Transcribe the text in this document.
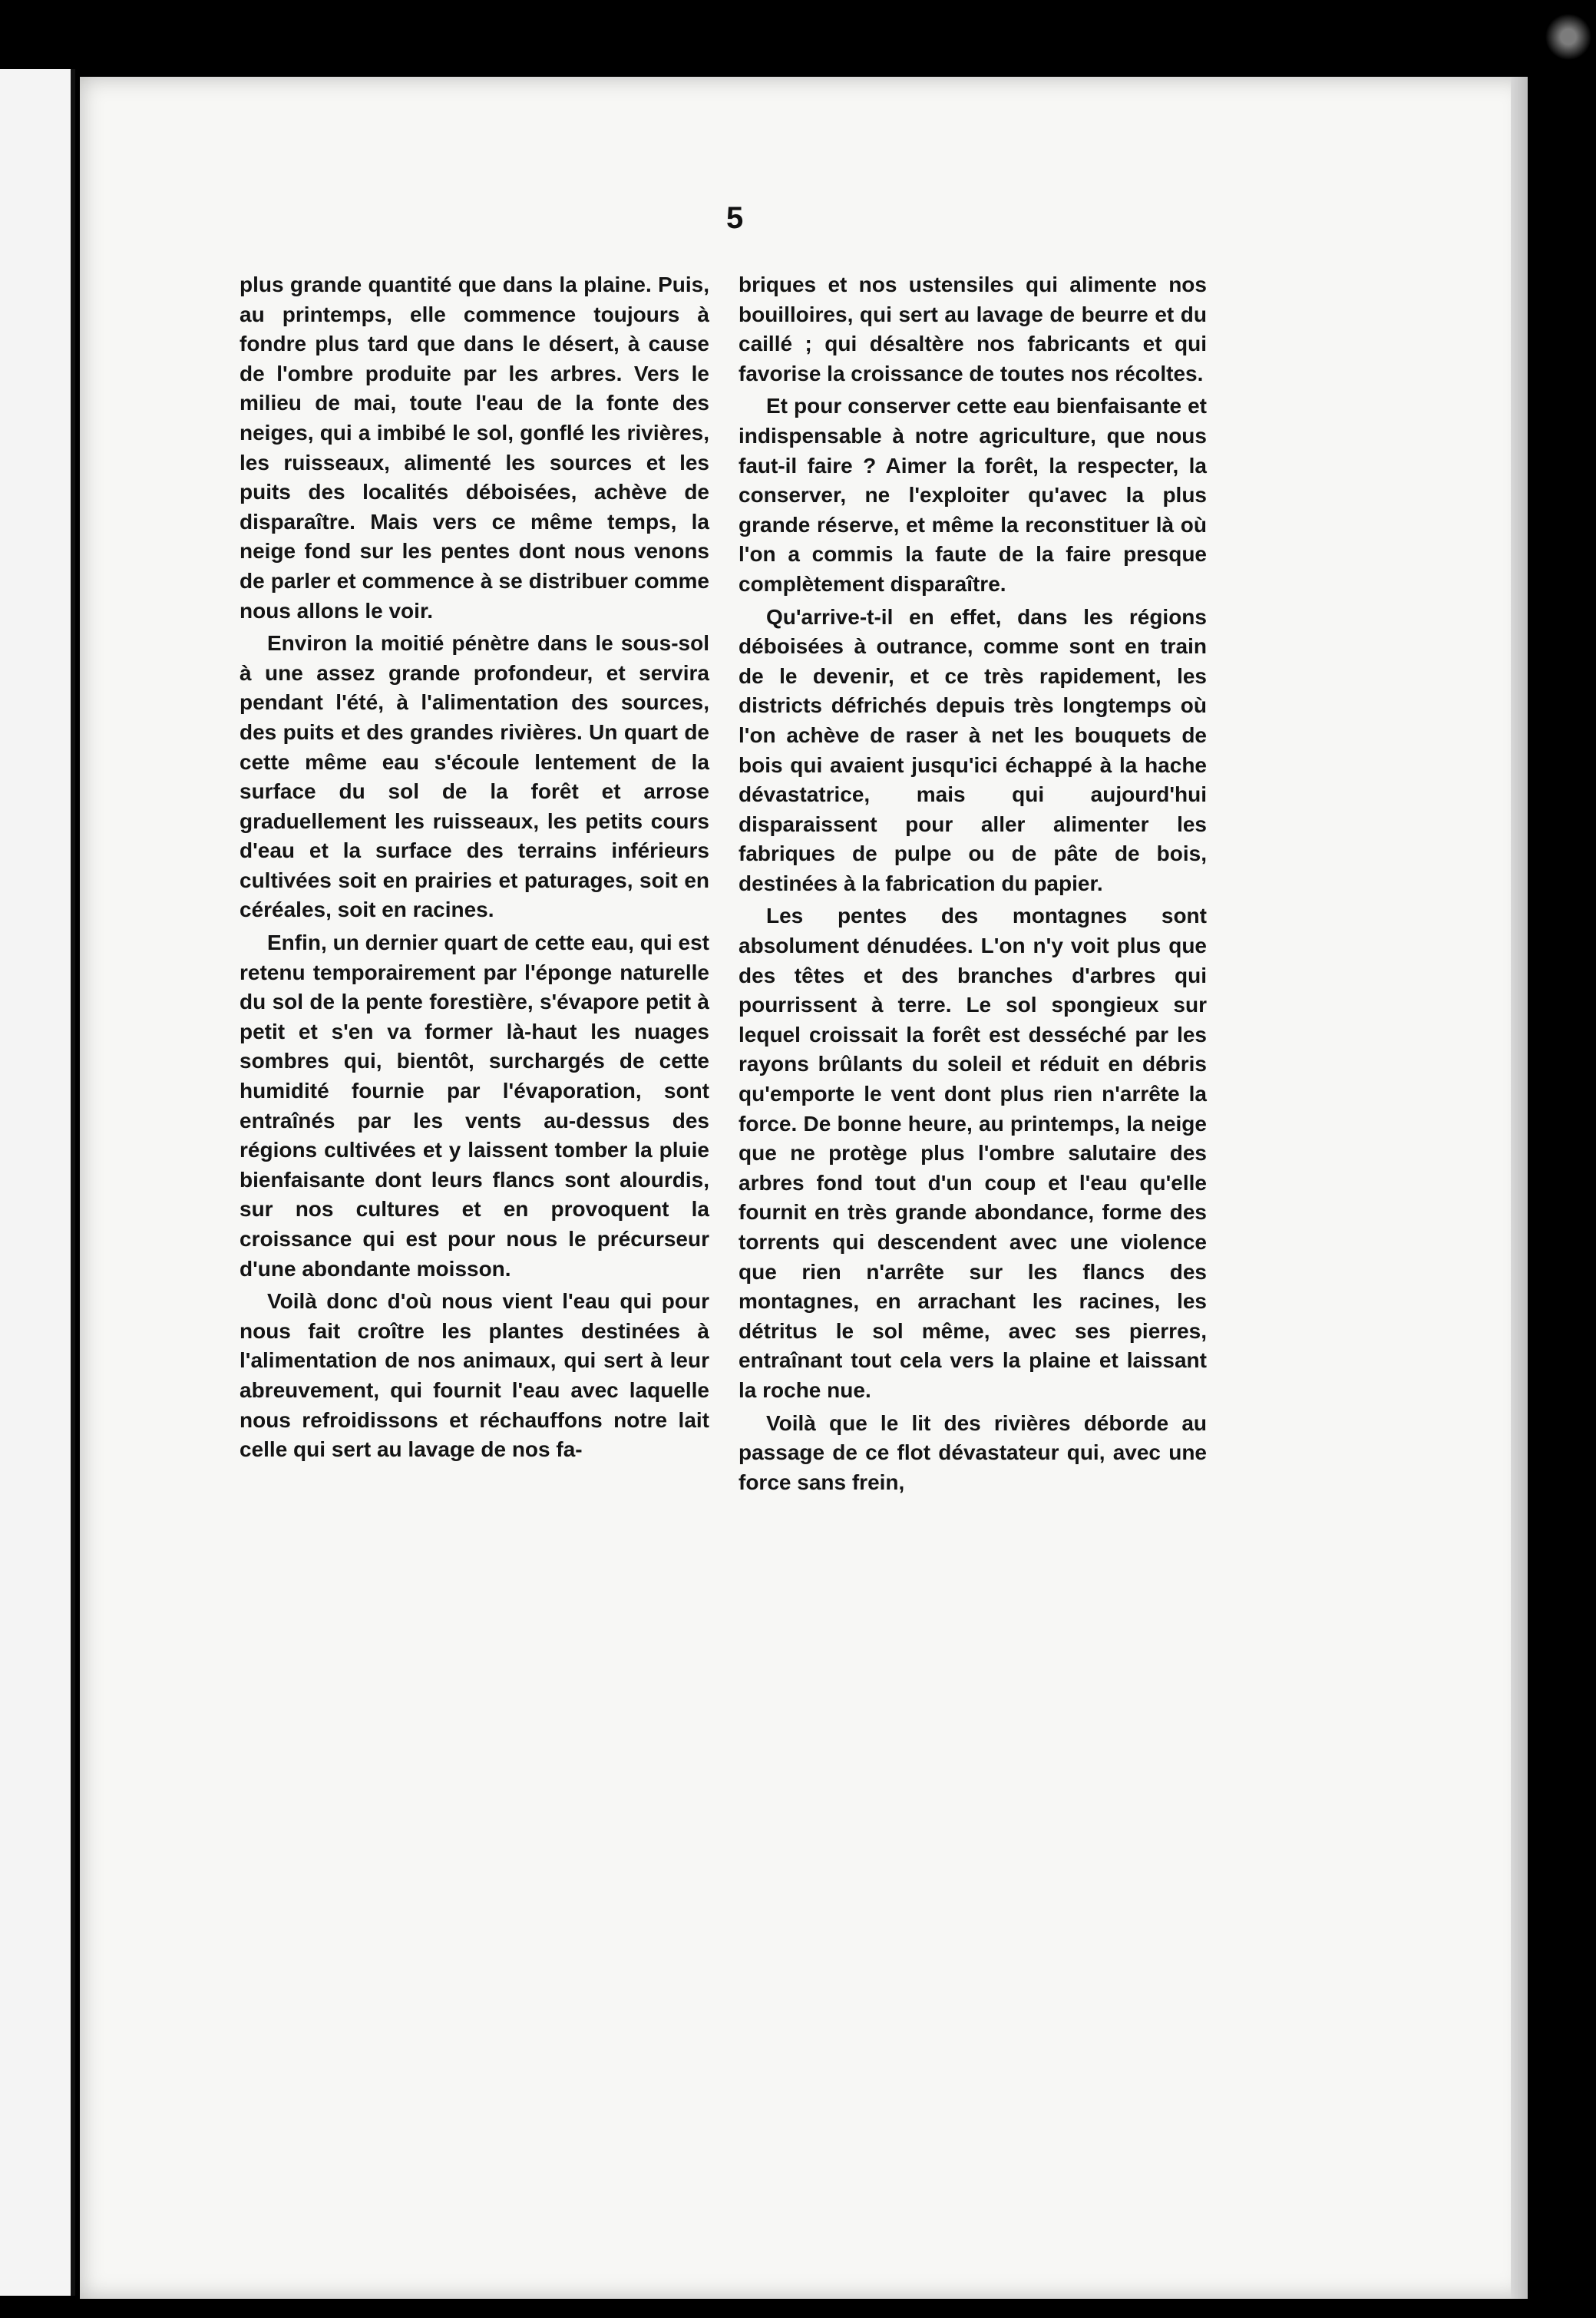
5

plus grande quantité que dans la plaine. Puis, au printemps, elle commence toujours à fondre plus tard que dans le désert, à cause de l'ombre produite par les arbres. Vers le milieu de mai, toute l'eau de la fonte des neiges, qui a imbibé le sol, gonflé les rivières, les ruisseaux, alimenté les sources et les puits des localités déboisées, achève de disparaître. Mais vers ce même temps, la neige fond sur les pentes dont nous venons de parler et commence à se distribuer comme nous allons le voir.

Environ la moitié pénètre dans le sous-sol à une assez grande profondeur, et servira pendant l'été, à l'alimentation des sources, des puits et des grandes rivières. Un quart de cette même eau s'écoule lentement de la surface du sol de la forêt et arrose graduellement les ruisseaux, les petits cours d'eau et la surface des terrains inférieurs cultivées soit en prairies et paturages, soit en céréales, soit en racines.

Enfin, un dernier quart de cette eau, qui est retenu temporairement par l'éponge naturelle du sol de la pente forestière, s'évapore petit à petit et s'en va former là-haut les nuages sombres qui, bientôt, surchargés de cette humidité fournie par l'évaporation, sont entraînés par les vents au-dessus des régions cultivées et y laissent tomber la pluie bienfaisante dont leurs flancs sont alourdis, sur nos cultures et en provoquent la croissance qui est pour nous le précurseur d'une abondante moisson.

Voilà donc d'où nous vient l'eau qui pour nous fait croître les plantes destinées à l'alimentation de nos animaux, qui sert à leur abreuvement, qui fournit l'eau avec laquelle nous refroidissons et réchauffons notre lait celle qui sert au lavage de nos fa-

briques et nos ustensiles qui alimente nos bouilloires, qui sert au lavage de beurre et du caillé ; qui désaltère nos fabricants et qui favorise la croissance de toutes nos récoltes.

Et pour conserver cette eau bienfaisante et indispensable à notre agriculture, que nous faut-il faire ? Aimer la forêt, la respecter, la conserver, ne l'exploiter qu'avec la plus grande réserve, et même la reconstituer là où l'on a commis la faute de la faire presque complètement disparaître.

Qu'arrive-t-il en effet, dans les régions déboisées à outrance, comme sont en train de le devenir, et ce très rapidement, les districts défrichés depuis très longtemps où l'on achève de raser à net les bouquets de bois qui avaient jusqu'ici échappé à la hache dévastatrice, mais qui aujourd'hui disparaissent pour aller alimenter les fabriques de pulpe ou de pâte de bois, destinées à la fabrication du papier.

Les pentes des montagnes sont absolument dénudées. L'on n'y voit plus que des têtes et des branches d'arbres qui pourrissent à terre. Le sol spongieux sur lequel croissait la forêt est desséché par les rayons brûlants du soleil et réduit en débris qu'emporte le vent dont plus rien n'arrête la force. De bonne heure, au printemps, la neige que ne protège plus l'ombre salutaire des arbres fond tout d'un coup et l'eau qu'elle fournit en très grande abondance, forme des torrents qui descendent avec une violence que rien n'arrête sur les flancs des montagnes, en arrachant les racines, les détritus le sol même, avec ses pierres, entraînant tout cela vers la plaine et laissant la roche nue.

Voilà que le lit des rivières déborde au passage de ce flot dévastateur qui, avec une force sans frein,
